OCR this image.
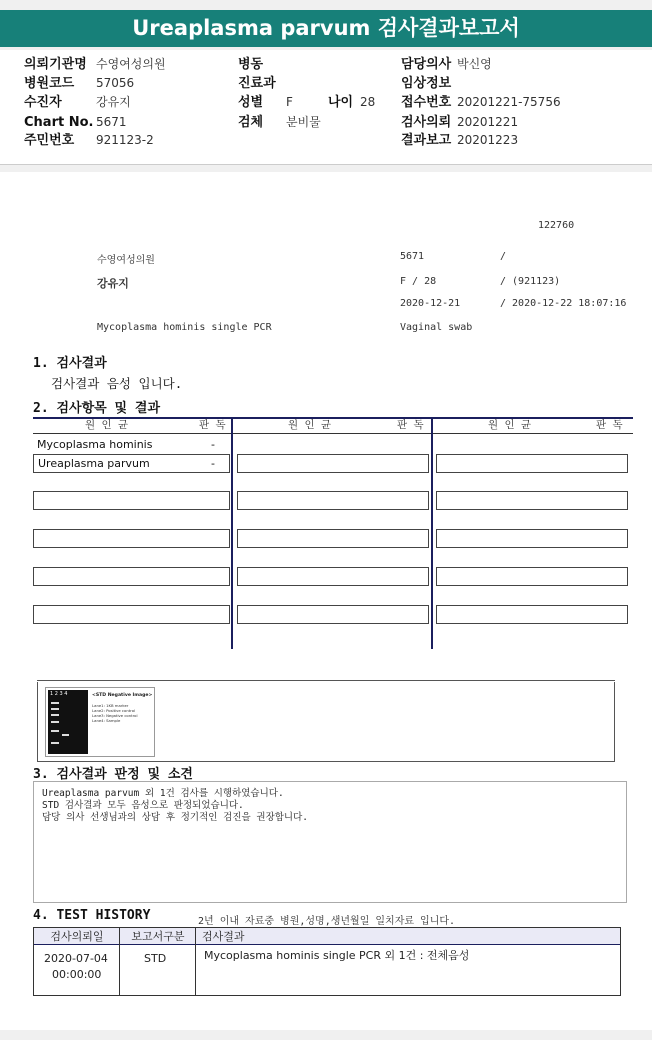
Ureaplasma parvum 검사결과보고서
의뢰기관명 수영여성의원	병동	담당의사 박신영
병원코드 57056	진료과	임상정보
수진자	강유지	성별 F	나이 28 접수번호 20201221-75756
Chart No. 5671	검체 분비물	검사의뢰 20201221
주민번호 921123-2	결과보고 20201223
122760
수영여성의원	5671	/
강유지	F / 28	/ (921123)
2020-12-21	/ 2020-12-22 18:07:16
Mycoplasma hominis single PCR	Vaginal swab
1. 검사결과
검사결과 음성 입니다.
2. 검사항목 및 결과
원 인 균	판 독	원 인 균	판 독	원 인 균	판 독
Mycoplasma hominis	-
Ureaplasma parvum	-
1 2 3 4	<STD Negative Image>
Lane1: 1KB marker
Lane2: Positive control
Lane3: Negative control
Lane4: Sample
3. 검사결과 판정 및 소견

Ureaplasma parvum 외 1건 검사를 시행하였습니다.

STD 검사결과 모두 음성으로 판정되었습니다.

담당 의사 선생님과의 상담 후 정기적인 검진을 권장합니다.

4. TEST HISTORY	2년 이내 자료중 병원,성명,생년월일 일치자료 입니다.
검사의뢰일	보고서구분	검사결과
2020-07-04
00:00:00
STD	Mycoplasma hominis single PCR 외 1건 : 전체음성
